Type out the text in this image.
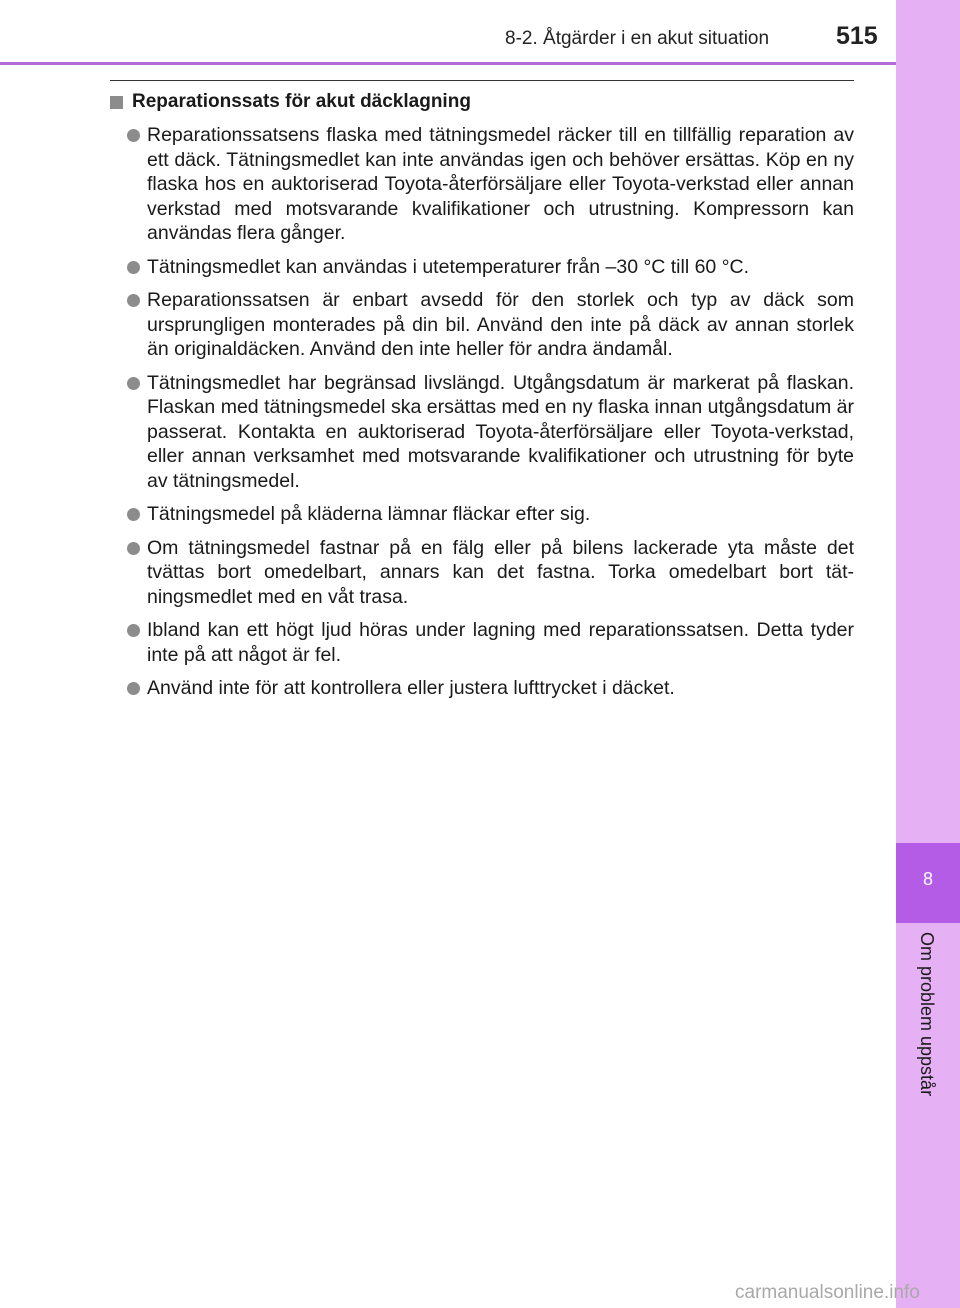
8-2. Åtgärder i en akut situation	515
8
Om problem uppstår
Reparationssats för akut däcklagning
Reparationssatsens flaska med tätningsmedel räcker till en tillfällig reparation av ett däck. Tätningsmedlet kan inte användas igen och behöver ersättas. Köp en ny flaska hos en auktoriserad Toyota-återförsäljare eller Toyota-verkstad eller annan verkstad med motsvarande kvalifikationer och utrustning. Kompressorn kan användas flera gånger.
Tätningsmedlet kan användas i utetemperaturer från –30 °C till 60 °C.
Reparationssatsen är enbart avsedd för den storlek och typ av däck som ursprungligen monterades på din bil. Använd den inte på däck av annan storlek än originaldäcken. Använd den inte heller för andra ändamål.
Tätningsmedlet har begränsad livslängd. Utgångsdatum är markerat på flaskan. Flaskan med tätningsmedel ska ersättas med en ny flaska innan utgångsdatum är passerat. Kontakta en auktoriserad Toyota-återförsäljare eller Toyota-verkstad, eller annan verksamhet med motsvarande kvalifikationer och utrustning för byte av tätningsmedel.
Tätningsmedel på kläderna lämnar fläckar efter sig.
Om tätningsmedel fastnar på en fälg eller på bilens lackerade yta måste det tvättas bort omedelbart, annars kan det fastna. Torka omedelbart bort tätningsmedlet med en våt trasa.
Ibland kan ett högt ljud höras under lagning med reparationssatsen. Detta tyder inte på att något är fel.
Använd inte för att kontrollera eller justera lufttrycket i däcket.
carmanualsonline.info
